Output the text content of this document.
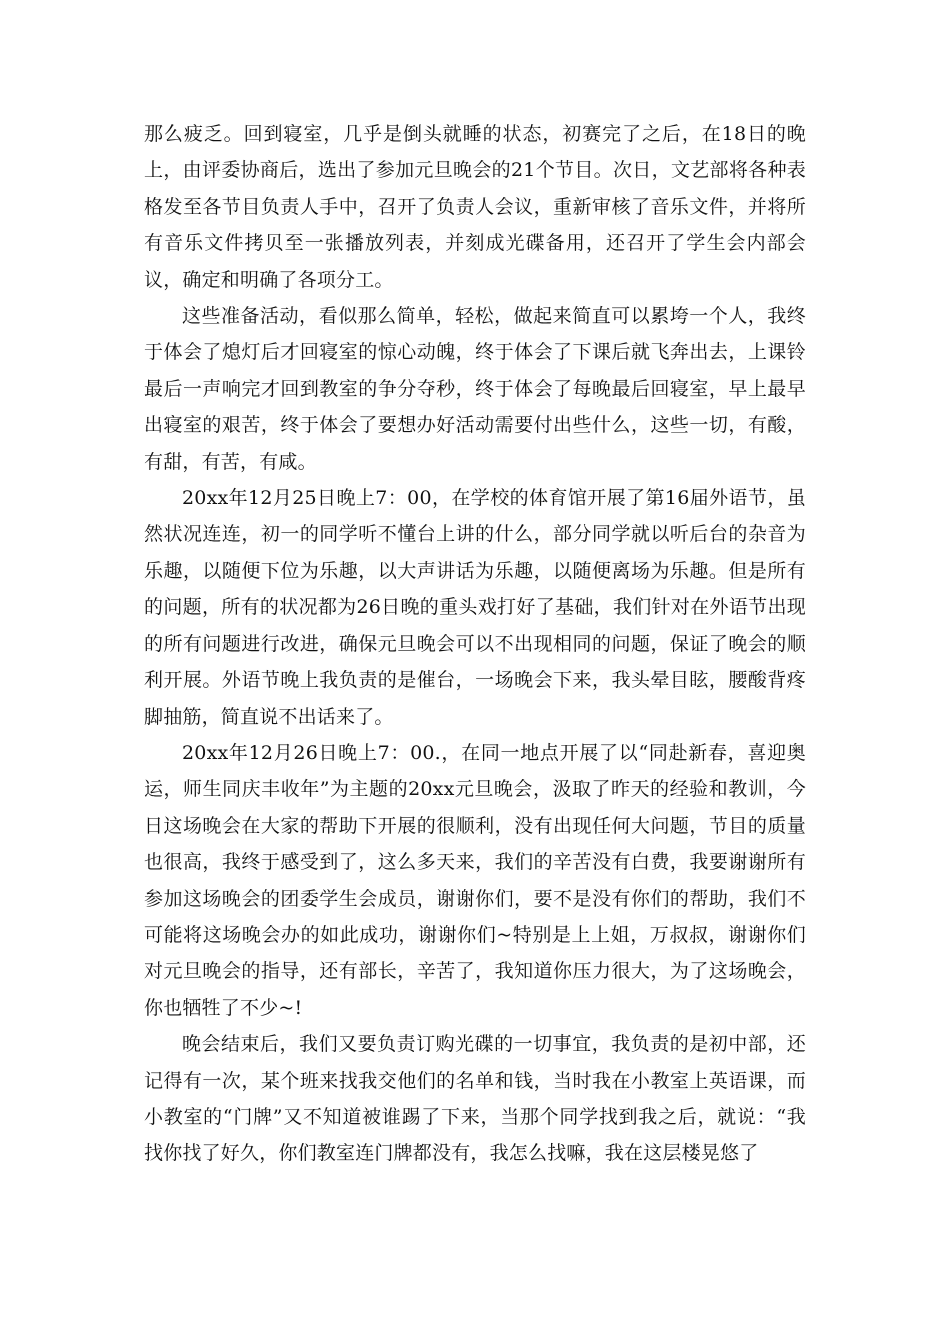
那么疲乏。回到寝室，几乎是倒头就睡的状态，初赛完了之后，在18日的晚上，由评委协商后，选出了参加元旦晚会的21个节目。次日，文艺部将各种表格发至各节目负责人手中，召开了负责人会议，重新审核了音乐文件，并将所有音乐文件拷贝至一张播放列表，并刻成光碟备用，还召开了学生会内部会议，确定和明确了各项分工。

这些准备活动，看似那么简单，轻松，做起来简直可以累垮一个人，我终于体会了熄灯后才回寝室的惊心动魄，终于体会了下课后就飞奔出去，上课铃最后一声响完才回到教室的争分夺秒，终于体会了每晚最后回寝室，早上最早出寝室的艰苦，终于体会了要想办好活动需要付出些什么，这些一切，有酸，有甜，有苦，有咸。

20xx年12月25日晚上7：00，在学校的体育馆开展了第16届外语节，虽然状况连连，初一的同学听不懂台上讲的什么，部分同学就以听后台的杂音为乐趣，以随便下位为乐趣，以大声讲话为乐趣，以随便离场为乐趣。但是所有的问题，所有的状况都为26日晚的重头戏打好了基础，我们针对在外语节出现的所有问题进行改进，确保元旦晚会可以不出现相同的问题，保证了晚会的顺利开展。外语节晚上我负责的是催台，一场晚会下来，我头晕目眩，腰酸背疼脚抽筋，简直说不出话来了。

20xx年12月26日晚上7：00.，在同一地点开展了以“同赴新春，喜迎奥运，师生同庆丰收年”为主题的20xx元旦晚会，汲取了昨天的经验和教训，今日这场晚会在大家的帮助下开展的很顺利，没有出现任何大问题，节目的质量也很高，我终于感受到了，这么多天来，我们的辛苦没有白费，我要谢谢所有参加这场晚会的团委学生会成员，谢谢你们，要不是没有你们的帮助，我们不可能将这场晚会办的如此成功，谢谢你们~特别是上上姐，万叔叔，谢谢你们对元旦晚会的指导，还有部长，辛苦了，我知道你压力很大，为了这场晚会，你也牺牲了不少~!

晚会结束后，我们又要负责订购光碟的一切事宜，我负责的是初中部，还记得有一次，某个班来找我交他们的名单和钱，当时我在小教室上英语课，而小教室的“门牌”又不知道被谁踢了下来，当那个同学找到我之后，就说：“我找你找了好久，你们教室连门牌都没有，我怎么找嘛，我在这层楼晃悠了
